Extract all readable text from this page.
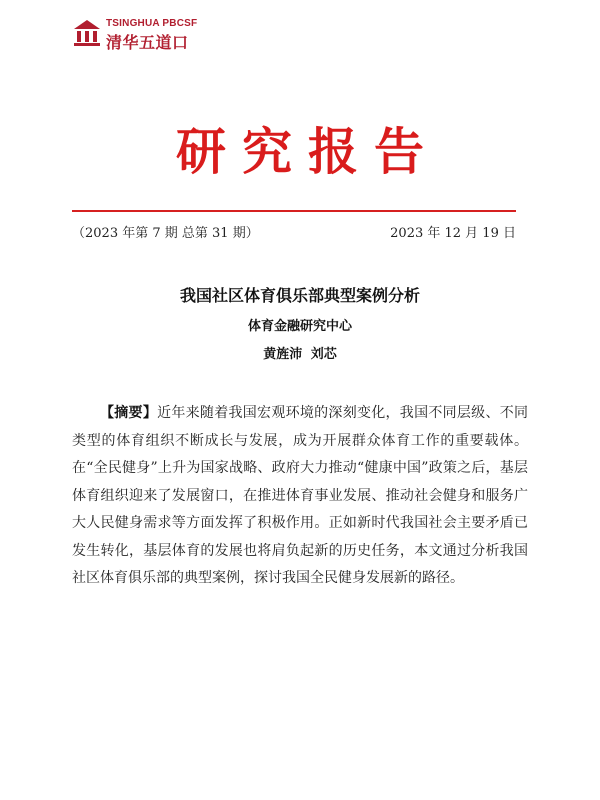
TSINGHUA PBCSF
清华五道口
研究报告
（2023 年第 7 期 总第 31 期）	2023 年 12 月 19 日
我国社区体育俱乐部典型案例分析
体育金融研究中心
黄旌沛 刘芯
【摘要】近年来随着我国宏观环境的深刻变化，我国不同层级、不同类型的体育组织不断成长与发展，成为开展群众体育工作的重要载体。在“全民健身”上升为国家战略、政府大力推动“健康中国”政策之后，基层体育组织迎来了发展窗口，在推进体育事业发展、推动社会健身和服务广大人民健身需求等方面发挥了积极作用。正如新时代我国社会主要矛盾已发生转化，基层体育的发展也将肩负起新的历史任务，本文通过分析我国社区体育俱乐部的典型案例，探讨我国全民健身发展新的路径。
